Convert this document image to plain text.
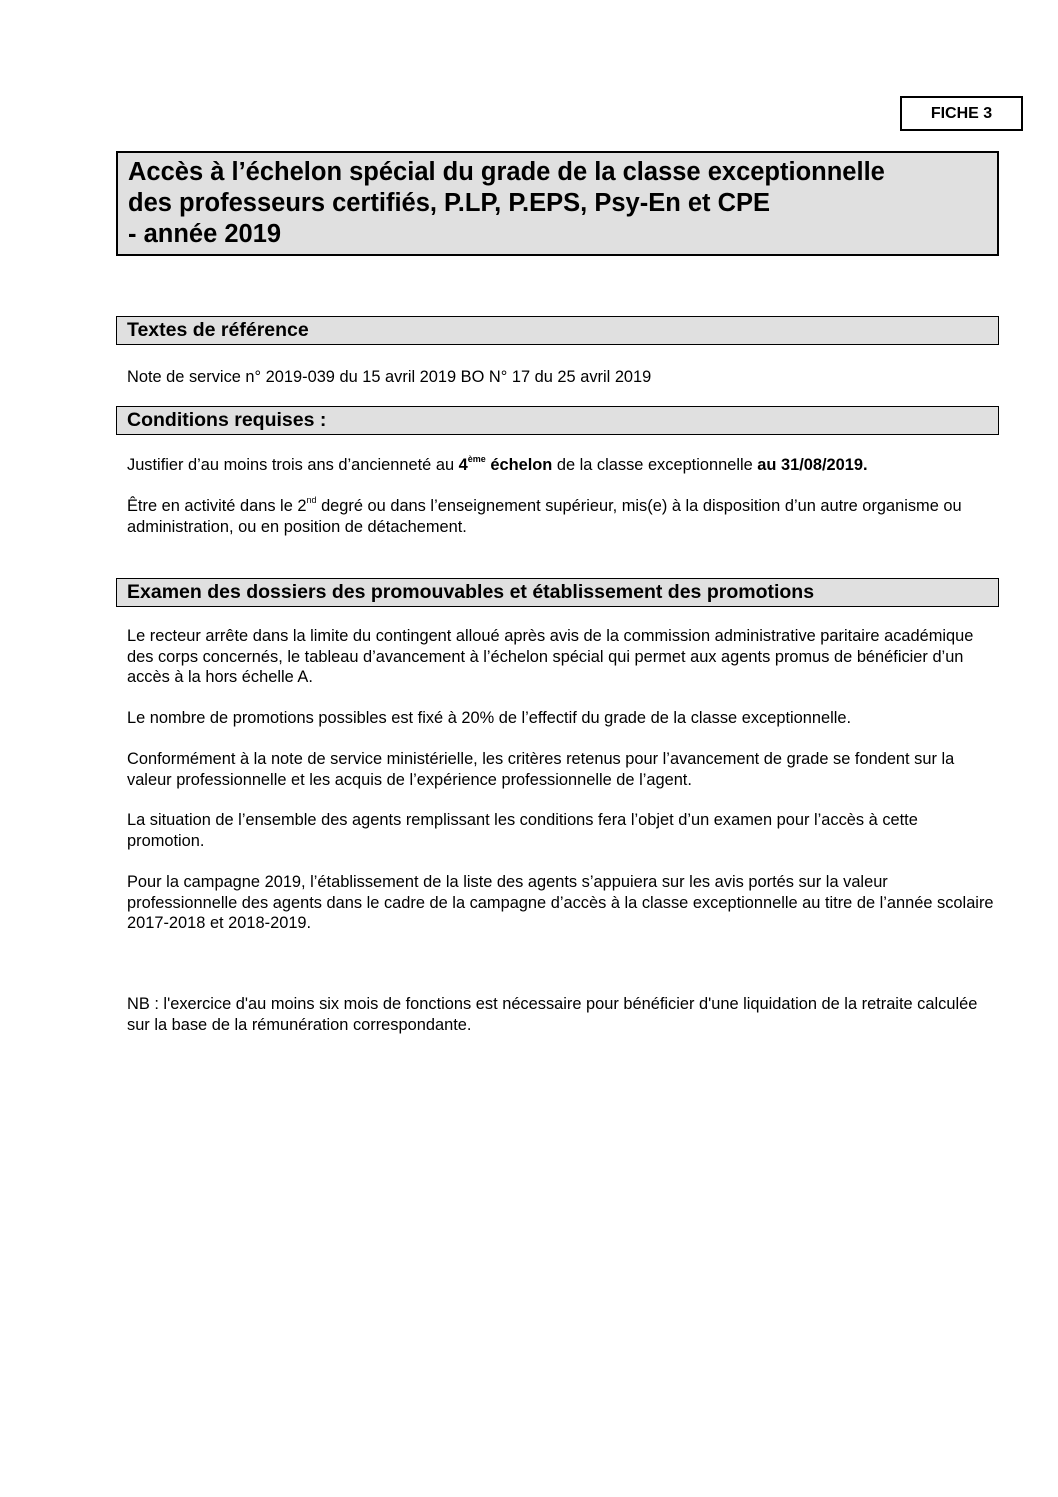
FICHE 3
Accès à l’échelon spécial du grade de la classe exceptionnelle
des professeurs certifiés, P.LP, P.EPS, Psy-En et CPE
- année 2019
Textes de référence

Note de service n° 2019-039 du 15 avril 2019 BO N° 17 du 25 avril 2019

Conditions requises :

Justifier d’au moins trois ans d’ancienneté au 4ème échelon de la classe exceptionnelle au 31/08/2019.

Être en activité dans le 2nd degré ou dans l’enseignement supérieur, mis(e) à la disposition d’un autre organisme ou administration, ou en position de détachement.

Examen des dossiers des promouvables et établissement des promotions

Le recteur arrête dans la limite du contingent alloué après avis de la commission administrative paritaire académique des corps concernés, le tableau d’avancement à l’échelon spécial qui permet aux agents promus de bénéficier d’un accès à la hors échelle A.

Le nombre de promotions possibles est fixé à 20% de l’effectif du grade de la classe exceptionnelle.

Conformément à la note de service ministérielle, les critères retenus pour l’avancement de grade se fondent sur la valeur professionnelle et les acquis de l’expérience professionnelle de l’agent.

La situation de l’ensemble des agents remplissant les conditions fera l’objet d’un examen pour l’accès à cette promotion.

Pour la campagne 2019, l’établissement de la liste des agents s’appuiera sur les avis portés sur la valeur professionnelle des agents dans le cadre de la campagne d’accès à la classe exceptionnelle au titre de l’année scolaire 2017-2018 et 2018-2019.

NB : l'exercice d'au moins six mois de fonctions est nécessaire pour bénéficier d'une liquidation de la retraite calculée sur la base de la rémunération correspondante.
